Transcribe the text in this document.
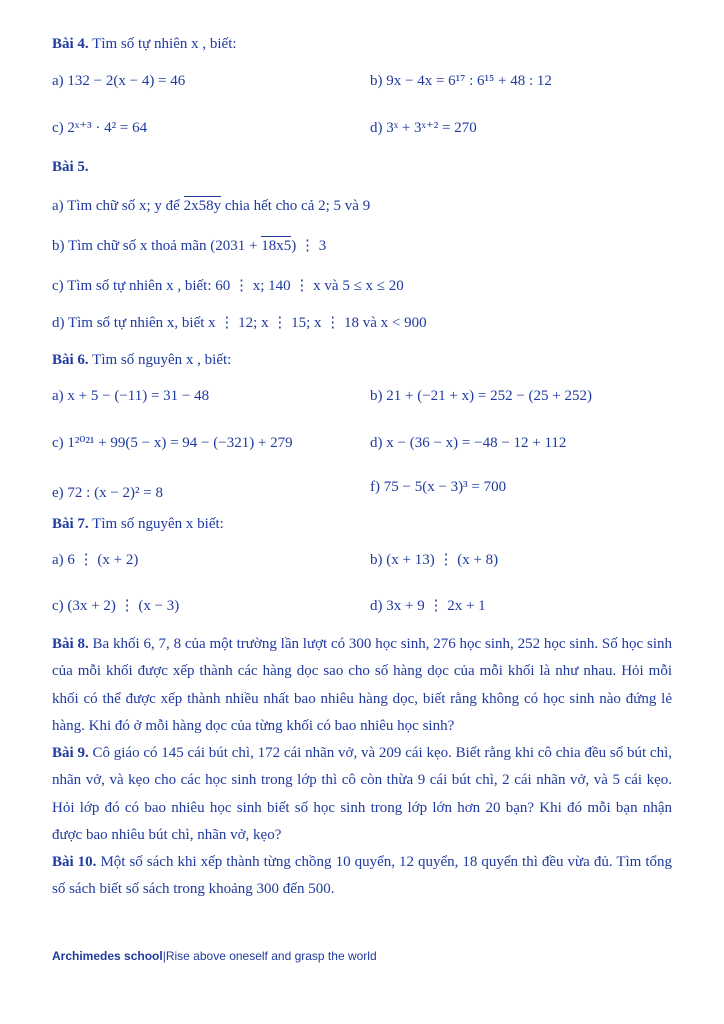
Bài 4. Tìm số tự nhiên x , biết:
a) 132 − 2(x − 4) = 46	b) 9x − 4x = 6¹⁷ : 6¹⁵ + 48 : 12
c) 2ˣ⁺³ · 4² = 64	d) 3ˣ + 3ˣ⁺² = 270
Bài 5.
a) Tìm chữ số x; y để 2x58y chia hết cho cả 2; 5 và 9
b) Tìm chữ số x thoả mãn (2031 + 18x5) ⋮ 3
c) Tìm số tự nhiên x , biết: 60 ⋮ x; 140 ⋮ x và 5 ≤ x ≤ 20
d) Tìm số tự nhiên x, biết x ⋮ 12; x ⋮ 15; x ⋮ 18 và x < 900
Bài 6. Tìm số nguyên x , biết:
a) x + 5 − (−11) = 31 − 48	b) 21 + (−21 + x) = 252 − (25 + 252)
c) 1²⁰²¹ + 99(5 − x) = 94 − (−321) + 279	d) x − (36 − x) = −48 − 12 + 112
e) 72 : (x − 2)² = 8	f) 75 − 5(x − 3)³ = 700
Bài 7. Tìm số nguyên x biết:
a) 6 ⋮ (x + 2)	b) (x + 13) ⋮ (x + 8)
c) (3x + 2) ⋮ (x − 3)	d) 3x + 9 ⋮ 2x + 1
Bài 8. Ba khối 6, 7, 8 của một trường lần lượt có 300 học sinh, 276 học sinh, 252 học sinh. Số học sinh của mỗi khối được xếp thành các hàng dọc sao cho số hàng dọc của mỗi khối là như nhau. Hỏi mỗi khối có thể được xếp thành nhiều nhất bao nhiêu hàng dọc, biết rằng không có học sinh nào đứng lẻ hàng. Khi đó ở mỗi hàng dọc của từng khối có bao nhiêu học sinh?
Bài 9. Cô giáo có 145 cái bút chì, 172 cái nhãn vở, và 209 cái kẹo. Biết rằng khi cô chia đều số bút chì, nhãn vở, và kẹo cho các học sinh trong lớp thì cô còn thừa 9 cái bút chì, 2 cái nhãn vở, và 5 cái kẹo. Hỏi lớp đó có bao nhiêu học sinh biết số học sinh trong lớp lớn hơn 20 bạn? Khi đó mỗi bạn nhận được bao nhiêu bút chì, nhãn vở, kẹo?
Bài 10. Một số sách khi xếp thành từng chồng 10 quyển, 12 quyển, 18 quyển thì đều vừa đủ. Tìm tổng số sách biết số sách trong khoảng 300 đến 500.
Archimedes school|Rise above oneself and grasp the world
